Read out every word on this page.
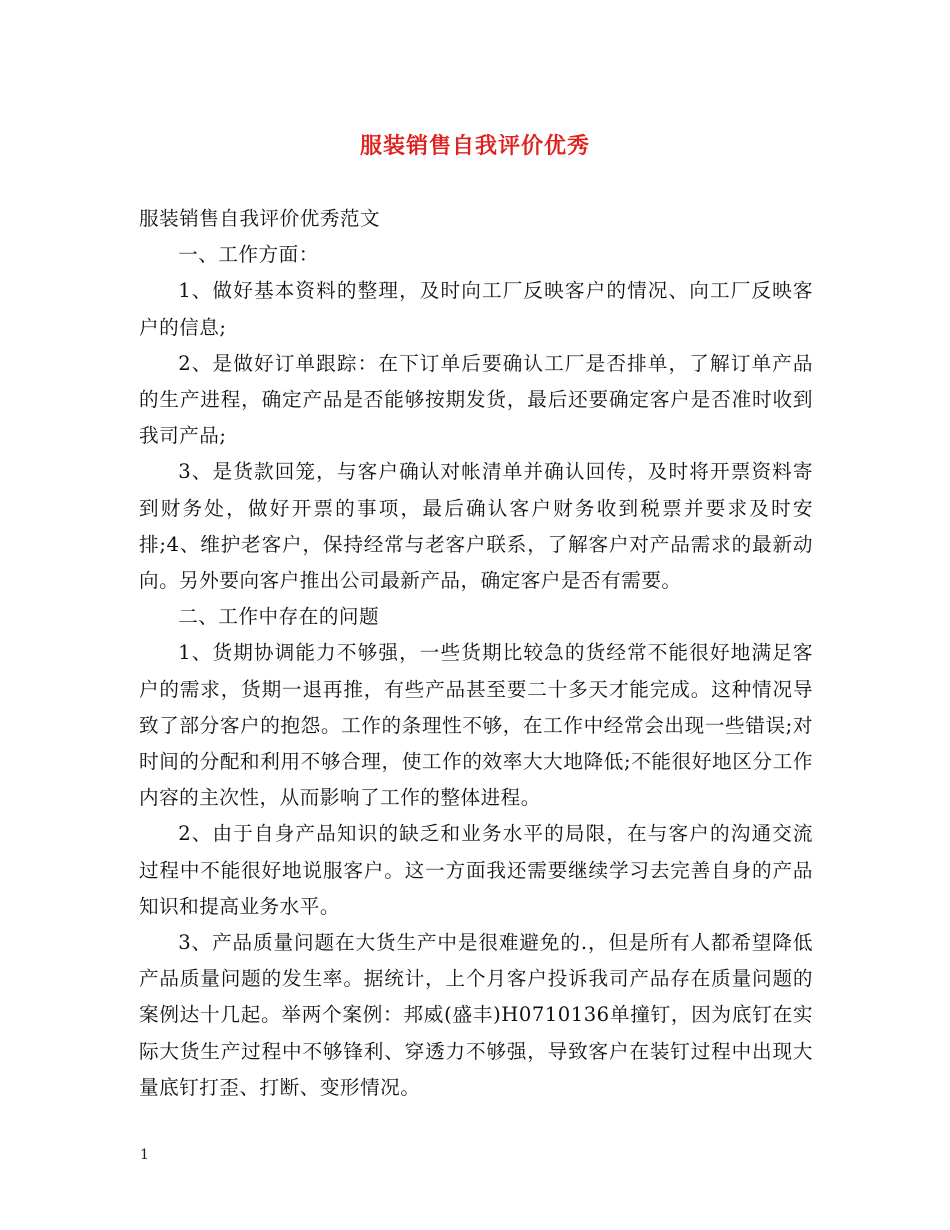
服装销售自我评价优秀

服装销售自我评价优秀范文

一、工作方面：

1、做好基本资料的整理，及时向工厂反映客户的情况、向工厂反映客户的信息;

2、是做好订单跟踪：在下订单后要确认工厂是否排单，了解订单产品的生产进程，确定产品是否能够按期发货，最后还要确定客户是否准时收到我司产品;

3、是货款回笼，与客户确认对帐清单并确认回传，及时将开票资料寄到财务处，做好开票的事项，最后确认客户财务收到税票并要求及时安排;4、维护老客户，保持经常与老客户联系，了解客户对产品需求的最新动向。另外要向客户推出公司最新产品，确定客户是否有需要。

二、工作中存在的问题

1、货期协调能力不够强，一些货期比较急的货经常不能很好地满足客户的需求，货期一退再推，有些产品甚至要二十多天才能完成。这种情况导致了部分客户的抱怨。工作的条理性不够，在工作中经常会出现一些错误;对时间的分配和利用不够合理，使工作的效率大大地降低;不能很好地区分工作内容的主次性，从而影响了工作的整体进程。

2、由于自身产品知识的缺乏和业务水平的局限，在与客户的沟通交流过程中不能很好地说服客户。这一方面我还需要继续学习去完善自身的产品知识和提高业务水平。

3、产品质量问题在大货生产中是很难避免的.，但是所有人都希望降低产品质量问题的发生率。据统计，上个月客户投诉我司产品存在质量问题的案例达十几起。举两个案例：邦威(盛丰)H0710136单撞钉，因为底钉在实际大货生产过程中不够锋利、穿透力不够强，导致客户在装钉过程中出现大量底钉打歪、打断、变形情况。

1
